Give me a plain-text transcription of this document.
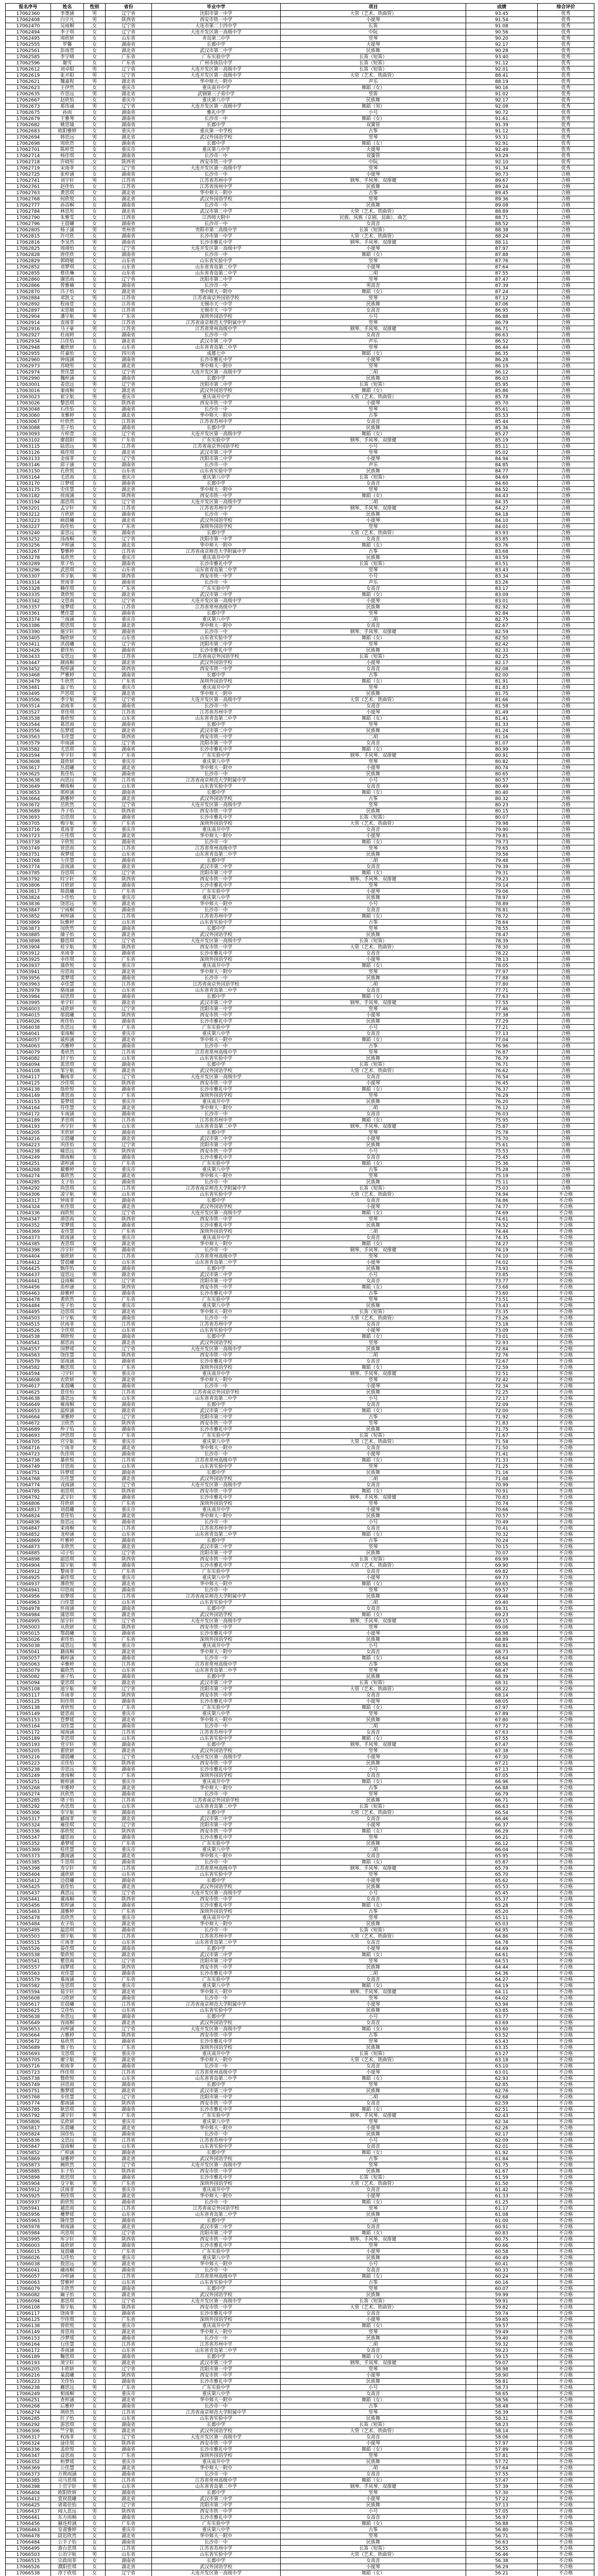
报名序号	姓名	性别	省份	毕业中学	项目	成绩	综合评价
17062360	李墨涵	男	辽宁省	沈阳市第一中学	大管（艺术、铁曲管）	93.45	优秀
17062408	白宇凡	男	陕西省	西安市铁一中学	小提琴	91.54	优秀
17062470	吴雨桐	女	辽宁省	大连市第二十四中学	长笛	91.08	优秀
17062494	李子琪	女	辽宁省	大连开发区第一高级中学	中阮	90.56	优秀
17062495	周欣妍	女	山东省	青岛第二中学	竖琴	90.20	优秀
17062555	罗馨	女	湖南省	长郡中学	大提琴	92.17	优秀
17062561	彭雨萱	女	湖北省	武汉市第二中学	民族舞	90.28	优秀
17062585	李宇晴	女	广东省	广东实验中学	长笛（短笛）	93.40	优秀
17062596	谢雪	女	广东省	广州市执信中学	长笛（短笛）	91.12	优秀
17062612	刘卓阳	男	辽宁省	大连开发区第一高级中学	长笛（短笛）	92.01	优秀
17062619	张开阳	男	辽宁省	大连开发区第一高级中学	大管（艺术、铁曲管）	88.41	优秀
17062621	魏嘉程	男	湖北省	华中师大一附中	声乐	88.19	优秀
17062623	王伊然	女	重庆市	重庆南开中学	舞蹈（女）	90.16	优秀
17062635	许思远	男	湖北省	武钢第三子弟中学	竖笛	91.02	优秀
17062667	赵欣怡	女	重庆市	重庆第八中学	民族舞	92.17	优秀
17062673	郑伟诚	男	辽宁省	大连开发区第一高级中学	舞蹈（男）	92.08	优秀
17062675	孙雨	女	湖南省	雅礼中学	小号	90.72	优秀
17062679	王雅琴	女	湖南省	长沙市一中	舞蹈（女）	91.61	优秀
17062682	姚思瑜	女	湖南省	长郡中学	双簧管	91.39	优秀
17062683	欧阳雅婷	女	重庆市	重庆第一中学校	古筝	91.12	优秀
17062694	韩思远	男	湖北省	武汉外国语学校	竖琴	93.31	优秀
17062698	周欣然	女	湖南省	长郡中学	舞蹈（女）	92.91	优秀
17062701	陈梓萱	女	重庆市	重庆第八中学	大提琴	92.49	优秀
17062714	杨佳琪	女	湖南省	长沙市一中	双簧管	93.29	优秀
17062718	许晓彤	女	陕西省	西安市铁一中学	中阮	92.10	优秀
17062719	宋雨菲	女	辽宁省	大连开发区第一高级中学	竖琴	91.34	优秀
17062725	张梓涵	女	湖南省	长沙市一中	小提琴	90.73	合格
17062741	刘宇轩	男	江苏省	江苏省苏州中学	钢琴、手风琴、双排键	89.67	合格
17062761	赵佳怡	女	江苏省	江苏省扬州中学	民族舞	89.24	合格
17062763	黄思琪	女	湖北省	华中师大一附中	古筝	89.45	合格
17062768	何欣悦	女	湖北省	武汉外国语学校	竖琴	89.36	合格
17062777	孙语桐	女	湖南省	长沙市一中	民族舞	89.08	合格
17062784	林思彤	女	湖北省	武汉市第二中学	大管（艺术、铁曲管）	88.89	合格
17062790	朱雅雯	女	江西省	江西师大附中	民族、风族（京剧、昆曲）、曲艺	88.71	合格
17062796	王晨曦	女	湖南省	长沙市一中	女高音	88.52	合格
17062805	杨子涵	男	贵州省	贵阳市第二高级中学	长笛（短笛）	88.38	合格
17062815	许可欣	女	湖南省	长沙市第一中学	大管（艺术、铁曲管）	88.24	合格
17062816	李昊然	男	湖南省	长沙市雅礼中学	钢琴、手风琴、双排键	88.11	合格
17062825	周靖怡	女	辽宁省	大连开发区第一高级中学	小提琴	87.97	合格
17062828	唐佳欣	女	湖南省	长沙市一中	舞蹈（女）	87.88	合格
17062829	郭晓敏	女	山东省	山东省实验中学	竖琴	87.76	合格
17062852	邓梦琪	女	山东省	山东省青岛第二中学	小提琴	87.64	合格
17062855	蔡佳琳	女	山东省	山东省青岛第二中学	二胡	87.55	合格
17062860	谢思雨	女	辽宁省	沈阳市第二中学	竖琴	87.47	合格
17062866	曾雅楠	女	湖南省	长沙市一中	男高音	87.39	合格
17062870	冯子怡	女	湖北省	华中师大一附中	舞蹈（女）	87.24	合格
17062884	邓凯文	男	江苏省	江苏省南京外国语学校	竖琴	87.12	合格
17062892	程雨萱	女	江苏省	无锡市天一中学	民族舞	87.06	合格
17062897	宋思敏	女	江苏省	无锡市天一中学	女高音	86.95	合格
17062904	潘宇航	男	广东省	深圳外国语学校	小号	86.88	合格
17062914	袁雨菲	女	江苏省	江苏省南京师范大学附属中学	竖琴	86.79	合格
17062916	马子豪	男	江苏省	江苏省常州高级中学	钢琴、手风琴、双排键	86.71	合格
17062927	杜雨婷	女	湖南省	长沙市一中	女高音	86.63	合格
17062934	吕佳怡	女	湖北省	武汉市第二中学	声乐	86.52	合格
17062948	戴欣妍	女	山东省	山东省青岛第二中学	竖琴	86.44	合格
17062955	任嘉怡	女	四川省	成都七中	舞蹈（女）	86.35	合格
17062960	钟雨涵	女	湖南省	长沙市雅礼中学	小提琴	86.28	合格
17062973	苏晓彤	女	湖北省	华中师大一附中	竖琴	86.19	合格
17062974	贺佳慧	女	辽宁省	大连开发区第一高级中学	二胡	86.12	合格
17062990	魏梓涵	女	湖南省	长郡中学	民族舞	86.03	合格
17063001	姜思远	男	辽宁省	沈阳市第二中学	长笛（短笛）	85.95	合格
17063016	秦雨桐	女	湖北省	武汉外国语学校	舞蹈（女）	85.86	合格
17063023	崔宇航	男	重庆市	重庆南开中学	大管（艺术、铁曲管）	85.78	合格
17063026	黎思琪	女	陕西省	西安市铁一中学	小提琴	85.70	合格
17063048	石佳怡	女	湖南省	长沙市一中	竖琴	85.61	合格
17063060	龙雅婷	女	湖北省	华中师大一附中	古筝	85.53	合格
17063067	叶欣然	女	江苏省	江苏省苏州中学	女高音	85.44	合格
17063088	范子怡	女	湖南省	长郡中学	民族舞	85.36	合格
17063093	方梓萱	女	辽宁省	大连开发区第一高级中学	舞蹈（女）	85.27	合格
17063102	廖晨阳	男	广东省	广东实验中学	钢琴、手风琴、双排键	85.19	合格
17063115	陆思远	男	江苏省	江苏省南京外国语学校	小号	85.11	合格
17063126	熊佳琪	女	湖北省	武汉市第二中学	竖琴	85.02	合格
17063133	金雨菲	女	辽宁省	沈阳市第二中学	小提琴	84.94	合格
17063146	邱子涵	女	湖南省	长沙市一中	声乐	84.85	合格
17063150	孔欣悦	女	山东省	山东省实验中学	民族舞	84.77	合格
17063164	毛思雨	女	重庆市	重庆第八中学	长笛（短笛）	84.69	合格
17063170	江梦瑶	女	湖南省	长郡中学	女高音	84.60	合格
17063175	史佳慧	女	湖北省	华中师大一附中	竖琴	84.52	合格
17063182	侯雨涵	女	陕西省	西安市铁一中学	舞蹈（女）	84.43	合格
17063194	邵思琪	女	辽宁省	大连开发区第一高级中学	二胡	84.35	合格
17063201	孟宇轩	男	江苏省	江苏省苏州中学	钢琴、手风琴、双排键	84.27	合格
17063212	万欣妍	女	湖南省	长沙市一中	民族舞	84.18	合格
17063223	顾晨曦	女	湖北省	武汉外国语学校	小提琴	84.10	合格
17063227	段佳怡	女	广东省	深圳外国语学校	竖琴	84.01	合格
17063240	雷思远	男	湖南省	长郡中学	大管（艺术、铁曲管）	83.93	合格
17063252	汤雨桐	女	辽宁省	沈阳市第一中学	女高音	83.85	合格
17063256	尹梓涵	女	湖北省	华中师大一附中	舞蹈（女）	83.76	合格
17063267	黎雅婷	女	江苏省	江苏省南京师范大学附属中学	古筝	83.68	合格
17063278	易欣然	女	重庆市	重庆南开中学	民族舞	83.59	合格
17063289	常子怡	女	湖南省	长沙市雅礼中学	长笛（短笛）	83.51	合格
17063296	武思琪	女	山东省	山东省青岛第二中学	竖琴	83.43	合格
17063307	乔宇航	男	陕西省	西安市铁一中学	小号	83.34	合格
17063314	贺雨菲	女	湖南省	长沙市一中	声乐	83.26	合格
17063328	赖佳琪	女	广东省	广东实验中学	女高音	83.17	合格
17063335	龚欣悦	女	湖北省	武汉市第二中学	舞蹈（女）	83.09	合格
17063342	文思雨	女	辽宁省	大连开发区第一高级中学	小提琴	83.01	合格
17063357	庞梦瑶	女	江苏省	江苏省常州高级中学	民族舞	82.92	合格
17063361	樊佳慧	女	湖南省	长郡中学	竖琴	82.84	合格
17063374	兰雨涵	女	重庆市	重庆第八中学	二胡	82.75	合格
17063386	殷思琪	女	湖北省	华中师大一附中	女高音	82.67	合格
17063390	施宇轩	男	湖南省	长沙市一中	钢琴、手风琴、双排键	82.59	合格
17063405	陶欣妍	女	山东省	山东省实验中学	舞蹈（女）	82.50	合格
17063411	洪晨曦	女	辽宁省	沈阳市第二中学	竖琴	82.42	合格
17063426	翟佳怡	女	湖南省	长沙市雅礼中学	民族舞	82.33	合格
17063433	安思远	男	江苏省	江苏省南京外国语学校	长笛（短笛）	82.25	合格
17063447	颜雨桐	女	湖北省	武汉外国语学校	小提琴	82.17	合格
17063452	倪梓涵	女	陕西省	西安市铁一中学	女高音	82.08	合格
17063468	严雅婷	女	湖南省	长郡中学	古筝	82.00	合格
17063479	牛欣然	女	广东省	深圳外国语学校	舞蹈（女）	81.91	合格
17063481	温子怡	女	重庆市	重庆南开中学	竖琴	81.83	合格
17063495	芦思琪	女	湖北省	华中师大一附中	民族舞	81.75	合格
17063506	季宇航	男	辽宁省	大连开发区第一高级中学	大管（艺术、铁曲管）	81.66	合格
17063514	俞雨菲	女	湖南省	长沙市一中	女高音	81.58	合格
17063527	章佳琪	女	江苏省	江苏省苏州中学	小提琴	81.49	合格
17063538	鲁欣悦	女	山东省	山东省青岛第二中学	舞蹈（女）	81.41	合格
17063544	葛思雨	女	湖南省	长郡中学	竖琴	81.33	合格
17063556	伍梦瑶	女	湖北省	武汉市第二中学	民族舞	81.24	合格
17063563	韦佳慧	女	陕西省	西安市铁一中学	二胡	81.16	合格
17063579	申雨涵	女	辽宁省	沈阳市第一中学	女高音	81.07	合格
17063582	尤思琪	女	湖南省	长沙市雅礼中学	舞蹈（女）	80.99	合格
17063594	毕宇轩	男	广东省	广东实验中学	钢琴、手风琴、双排键	80.91	合格
17063608	聂欣妍	女	重庆市	重庆第八中学	竖琴	80.82	合格
17063617	丛晨曦	女	湖北省	华中师大一附中	小提琴	80.74	合格
17063625	焦佳怡	女	湖南省	长沙市一中	民族舞	80.65	合格
17063638	向思远	男	江苏省	江苏省南京师范大学附属中学	小号	80.57	合格
17063649	柳雨桐	女	山东省	山东省实验中学	女高音	80.49	合格
17063653	邢梓涵	女	湖南省	长郡中学	舞蹈（女）	80.40	合格
17063664	路雅婷	女	湖北省	武汉外国语学校	古筝	80.32	合格
17063672	岳欣然	女	辽宁省	大连开发区第一高级中学	竖琴	80.23	合格
17063689	齐子怡	女	陕西省	西安市铁一中学	民族舞	80.15	合格
17063693	沿思琪	女	湖南省	长沙市雅礼中学	长笛（短笛）	80.07	合格
17063705	梅宇航	男	广东省	深圳外国语学校	大管（艺术、铁曲管）	79.98	合格
17063716	莫雨菲	女	重庆市	重庆南开中学	女高音	79.90	合格
17063723	庄佳琪	女	湖北省	华中师大一附中	小提琴	79.81	合格
17063738	辛欣悦	女	湖南省	长沙市一中	舞蹈（女）	79.73	合格
17063749	管思雨	女	江苏省	江苏省常州高级中学	竖琴	79.65	合格
17063751	祝梦瑶	女	山东省	山东省青岛第二中学	民族舞	79.56	合格
17063768	左佳慧	女	湖南省	长郡中学	二胡	79.48	合格
17063774	涂雨涵	女	湖北省	武汉市第二中学	女高音	79.39	合格
17063785	谷思琪	女	辽宁省	沈阳市第二中学	舞蹈（女）	79.31	合格
17063792	时宇轩	男	陕西省	西安市铁一中学	钢琴、手风琴、双排键	79.23	合格
17063806	甘欣妍	女	湖南省	长沙市雅礼中学	竖琴	79.14	合格
17063817	简晨曦	女	广东省	广东实验中学	小提琴	79.06	合格
17063824	卜佳怡	女	重庆市	重庆第八中学	民族舞	78.97	合格
17063836	饶思远	男	湖北省	华中师大一附中	小号	78.89	合格
17063847	宁雨桐	女	湖南省	长沙市一中	女高音	78.81	合格
17063852	柯梓涵	女	江苏省	江苏省苏州中学	舞蹈（女）	78.72	合格
17063869	阮雅婷	女	山东省	山东省实验中学	古筝	78.64	合格
17063873	闵欣然	女	湖南省	长郡中学	竖琴	78.55	合格
17063885	储子怡	女	湖北省	武汉外国语学校	民族舞	78.47	合格
17063898	滕思琪	女	辽宁省	大连开发区第一高级中学	长笛（短笛）	78.39	合格
17063904	桂宇航	男	陕西省	西安市铁一中学	大管（艺术、铁曲管）	78.30	合格
17063912	巫雨菲	女	湖南省	长沙市雅礼中学	女高音	78.22	合格
17063925	幸佳琪	女	广东省	深圳外国语学校	小提琴	78.13	合格
17063937	蒲欣悦	女	重庆市	重庆南开中学	舞蹈（女）	78.05	合格
17063941	房思雨	女	湖北省	华中师大一附中	竖琴	77.97	合格
17063956	裴梦瑶	女	湖南省	长沙市一中	民族舞	77.88	合格
17063963	卓佳慧	女	江苏省	江苏省南京外国语学校	二胡	77.80	合格
17063978	骆雨涵	女	山东省	山东省青岛第二中学	女高音	77.71	合格
17063984	屈思琪	女	湖南省	长郡中学	舞蹈（女）	77.63	合格
17063995	单宇轩	男	湖北省	武汉市第二中学	钢琴、手风琴、双排键	77.55	合格
17064003	成欣妍	女	辽宁省	沈阳市第一中学	竖琴	77.46	合格
17064015	邬晨曦	女	陕西省	西安市铁一中学	小提琴	77.38	合格
17064026	班佳怡	女	湖南省	长沙市雅礼中学	民族舞	77.29	合格
17064038	仇思远	男	广东省	广东实验中学	小号	77.21	合格
17064041	栾雨桐	女	重庆市	重庆第八中学	女高音	77.13	合格
17064057	戚梓涵	女	湖北省	华中师大一附中	舞蹈（女）	77.04	合格
17064063	芮雅婷	女	湖南省	长沙市一中	古筝	76.96	合格
17064079	娄欣然	女	江苏省	江苏省常州高级中学	竖琴	76.87	合格
17064082	封子怡	女	山东省	山东省实验中学	民族舞	76.79	合格
17064094	蓝思琪	女	湖南省	长郡中学	长笛（短笛）	76.71	合格
17064108	邹宇航	男	湖北省	武汉外国语学校	大管（艺术、铁曲管）	76.62	合格
17064117	鞠雨菲	女	辽宁省	大连开发区第一高级中学	女高音	76.54	合格
17064125	沙佳琪	女	陕西省	西安市铁一中学	小提琴	76.45	合格
17064138	詹欣悦	女	湖南省	长沙市雅礼中学	舞蹈（女）	76.37	合格
17064149	龚思雨	女	广东省	深圳外国语学校	竖琴	76.29	合格
17064153	晏梦瑶	女	重庆市	重庆南开中学	民族舞	76.20	合格
17064164	符佳慧	女	湖北省	华中师大一附中	二胡	76.12	合格
17064172	车雨涵	女	湖南省	长沙市一中	女高音	76.03	合格
17064189	茅思琪	女	江苏省	江苏省苏州中学	舞蹈（女）	75.95	合格
17064193	冉宇轩	男	山东省	山东省青岛第二中学	钢琴、手风琴、双排键	75.87	合格
17064205	米欣妍	女	湖南省	长郡中学	竖琴	75.78	合格
17064216	宗晨曦	女	湖北省	武汉市第二中学	小提琴	75.70	合格
17064223	巩佳怡	女	辽宁省	沈阳市第二中学	民族舞	75.61	合格
17064238	喻思远	男	陕西省	西安市铁一中学	小号	75.53	合格
17064249	隋雨桐	女	湖南省	长沙市雅礼中学	女高音	75.45	合格
17064251	谌梓涵	女	广东省	广东实验中学	舞蹈（女）	75.36	合格
17064268	蔺雅婷	女	重庆市	重庆第八中学	古筝	75.28	合格
17064274	慕欣然	女	湖北省	华中师大一附中	竖琴	75.19	合格
17064285	支子怡	女	湖南省	长沙市一中	民族舞	75.11	合格
17064292	尚思琪	女	江苏省	江苏省南京师范大学附属中学	长笛（短笛）	75.03	合格
17064306	凌宇航	男	山东省	山东省实验中学	大管（艺术、铁曲管）	74.94	不合格
17064317	钟雨菲	女	湖南省	长郡中学	女高音	74.86	不合格
17064324	杭佳琪	女	湖北省	武汉外国语学校	小提琴	74.77	不合格
17064336	阎欣悦	女	辽宁省	大连开发区第一高级中学	舞蹈（女）	74.69	不合格
17064347	滑思雨	女	陕西省	西安市铁一中学	竖琴	74.61	不合格
17064352	荣梦瑶	女	湖南省	长沙市雅礼中学	民族舞	74.52	不合格
17064369	麦佳慧	女	广东省	深圳外国语学校	二胡	74.44	不合格
17064373	欧雨涵	女	重庆市	重庆南开中学	女高音	74.35	不合格
17064385	查思琪	女	湖北省	华中师大一附中	舞蹈（女）	74.27	不合格
17064398	冷宇轩	男	湖南省	长沙市一中	钢琴、手风琴、双排键	74.19	不合格
17064404	郁欣妍	女	江苏省	江苏省常州高级中学	竖琴	74.10	不合格
17064412	訾晨曦	女	山东省	山东省青岛第二中学	小提琴	74.02	不合格
17064425	甄佳怡	女	湖南省	长郡中学	民族舞	73.93	不合格
17064437	寇思远	男	湖北省	武汉市第二中学	小号	73.85	不合格
17064441	益雨桐	女	辽宁省	沈阳市第一中学	女高音	73.77	不合格
17064456	苗梓涵	女	陕西省	西安市铁一中学	舞蹈（女）	73.68	不合格
17064463	薛雅婷	女	湖南省	长沙市雅礼中学	古筝	73.60	不合格
17064478	黄欣然	女	广东省	广东实验中学	竖琴	73.51	不合格
17064484	连子怡	女	重庆市	重庆第八中学	民族舞	73.43	不合格
17064495	边思琪	女	湖北省	华中师大一附中	长笛（短笛）	73.35	不合格
17064503	计宇航	男	湖南省	长沙市一中	大管（艺术、铁曲管）	73.26	不合格
17064515	伏雨菲	女	江苏省	江苏省苏州中学	女高音	73.18	不合格
17064526	全佳琪	女	山东省	山东省实验中学	小提琴	73.09	不合格
17064538	荆欣悦	女	湖南省	长郡中学	舞蹈（女）	73.01	不合格
17064541	郝思雨	女	湖北省	武汉外国语学校	竖琴	72.93	不合格
17064557	国梦瑶	女	辽宁省	大连开发区第一高级中学	民族舞	72.84	不合格
17064563	饶佳慧	女	陕西省	西安市铁一中学	二胡	72.76	不合格
17064579	邰雨涵	女	湖南省	长沙市雅礼中学	女高音	72.67	不合格
17064582	鲍思琪	女	广东省	深圳外国语学校	舞蹈（女）	72.59	不合格
17064594	刁宇轩	男	重庆市	重庆南开中学	钢琴、手风琴、双排键	72.51	不合格
17064608	农欣妍	女	湖北省	华中师大一附中	竖琴	72.42	不合格
17064617	束晨曦	女	湖南省	长沙市一中	小提琴	72.34	不合格
17064625	景佳怡	女	江苏省	江苏省南京外国语学校	民族舞	72.25	不合格
17064638	盛思远	男	山东省	山东省青岛第二中学	小号	72.17	不合格
17064649	雍雨桐	女	湖南省	长郡中学	女高音	72.09	不合格
17064653	温梓涵	女	湖北省	武汉市第二中学	舞蹈（女）	72.00	不合格
17064664	须雅婷	女	辽宁省	沈阳市第二中学	古筝	71.92	不合格
17064672	卫欣然	女	陕西省	西安市铁一中学	竖琴	71.83	不合格
17064689	仲子怡	女	湖南省	长沙市雅礼中学	民族舞	71.75	不合格
17064693	伊思琪	女	广东省	广东实验中学	长笛（短笛）	71.67	不合格
17064705	宫宇航	男	重庆市	重庆第八中学	大管（艺术、铁曲管）	71.58	不合格
17064716	宁雨菲	女	湖北省	华中师大一附中	女高音	71.50	不合格
17064723	仇佳琪	女	湖南省	长沙市一中	小提琴	71.41	不合格
17064738	暴欣悦	女	江苏省	江苏省常州高级中学	舞蹈（女）	71.33	不合格
17064749	甘思雨	女	山东省	山东省实验中学	竖琴	71.25	不合格
17064751	钭梦瑶	女	湖南省	长郡中学	民族舞	71.16	不合格
17064768	厉佳慧	女	湖北省	武汉外国语学校	二胡	71.08	不合格
17064774	戎雨涵	女	辽宁省	大连开发区第一高级中学	女高音	70.99	不合格
17064785	祖思琪	女	陕西省	西安市铁一中学	舞蹈（女）	70.91	不合格
17064792	武宇轩	男	湖南省	长沙市雅礼中学	钢琴、手风琴、双排键	70.83	不合格
17064806	符欣妍	女	广东省	深圳外国语学校	竖琴	70.74	不合格
17064817	刘晨曦	女	重庆市	重庆南开中学	小提琴	70.66	不合格
17064824	景佳怡	女	湖北省	华中师大一附中	民族舞	70.57	不合格
17064836	詹思远	男	湖南省	长沙市一中	小号	70.49	不合格
17064847	束雨桐	女	江苏省	江苏省苏州中学	女高音	70.41	不合格
17064852	龙梓涵	女	山东省	山东省青岛第二中学	舞蹈（女）	70.32	不合格
17064869	叶雅婷	女	湖南省	长郡中学	古筝	70.24	不合格
17064873	幸欣然	女	湖北省	武汉市第二中学	竖琴	70.15	不合格
17064885	司子怡	女	辽宁省	沈阳市第一中学	民族舞	70.07	不合格
17064898	韶思琪	女	陕西省	西安市铁一中学	长笛（短笛）	69.99	不合格
17064904	郜宇航	男	湖南省	长沙市雅礼中学	大管（艺术、铁曲管）	69.90	不合格
17064912	黎雨菲	女	广东省	广东实验中学	女高音	69.82	不合格
17064925	蓟佳琪	女	重庆市	重庆第八中学	小提琴	69.73	不合格
17064937	薄欣悦	女	湖北省	华中师大一附中	舞蹈（女）	69.65	不合格
17064941	印思雨	女	湖南省	长沙市一中	竖琴	69.57	不合格
17064956	宿梦瑶	女	江苏省	江苏省南京师范大学附属中学	民族舞	69.48	不合格
17064963	白佳慧	女	山东省	山东省实验中学	二胡	69.40	不合格
17064978	怀雨涵	女	湖南省	长郡中学	女高音	69.31	不合格
17064984	蒲思琪	女	湖北省	武汉外国语学校	舞蹈（女）	69.23	不合格
17064995	邰宇轩	男	辽宁省	大连开发区第一高级中学	钢琴、手风琴、双排键	69.15	不合格
17065003	从欣妍	女	陕西省	西安市铁一中学	竖琴	69.06	不合格
17065015	鄂晨曦	女	湖南省	长沙市雅礼中学	小提琴	68.98	不合格
17065026	索佳怡	女	广东省	深圳外国语学校	民族舞	68.89	不合格
17065038	咸思远	男	重庆市	重庆南开中学	小号	68.81	不合格
17065041	籍雨桐	女	湖北省	华中师大一附中	女高音	68.73	不合格
17065057	赖梓涵	女	湖南省	长沙市一中	舞蹈（女）	68.64	不合格
17065063	卓雅婷	女	江苏省	江苏省常州高级中学	古筝	68.56	不合格
17065079	蔺欣然	女	山东省	山东省青岛第二中学	竖琴	68.47	不合格
17065082	屠子怡	女	湖南省	长郡中学	民族舞	68.39	不合格
17065094	蒙思琪	女	湖北省	武汉市第二中学	长笛（短笛）	68.31	不合格
17065108	池宇航	男	辽宁省	沈阳市第二中学	大管（艺术、铁曲管）	68.22	不合格
17065117	乔雨菲	女	陕西省	西安市铁一中学	女高音	68.14	不合格
17065125	阴佳琪	女	湖南省	长沙市雅礼中学	小提琴	68.05	不合格
17065138	胥欣悦	女	广东省	广东实验中学	舞蹈（女）	67.97	不合格
17065149	能思雨	女	重庆市	重庆第八中学	竖琴	67.89	不合格
17065153	苍梦瑶	女	湖北省	华中师大一附中	民族舞	67.80	不合格
17065164	双佳慧	女	湖南省	长沙市一中	二胡	67.72	不合格
17065172	闻雨涵	女	江苏省	江苏省苏州中学	女高音	67.63	不合格
17065189	莘思琪	女	山东省	山东省实验中学	舞蹈（女）	67.55	不合格
17065193	党宇轩	男	湖南省	长郡中学	钢琴、手风琴、双排键	67.47	不合格
17065205	翟欣妍	女	湖北省	武汉外国语学校	竖琴	67.38	不合格
17065216	谭晨曦	女	辽宁省	大连开发区第一高级中学	小提琴	67.30	不合格
17065223	贡佳怡	女	陕西省	西安市铁一中学	民族舞	67.21	不合格
17065238	劳思远	男	湖南省	长沙市雅礼中学	小号	67.13	不合格
17065249	逄雨桐	女	广东省	深圳外国语学校	女高音	67.05	不合格
17065251	姬梓涵	女	重庆市	重庆南开中学	舞蹈（女）	66.96	不合格
17065268	申雅婷	女	湖北省	华中师大一附中	古筝	66.88	不合格
17065274	扶欣然	女	湖南省	长沙市一中	竖琴	66.79	不合格
17065285	堵子怡	女	江苏省	江苏省南京外国语学校	民族舞	66.71	不合格
17065292	冉思琪	女	山东省	山东省青岛第二中学	长笛（短笛）	66.63	不合格
17065306	宰宇航	男	湖南省	长郡中学	大管（艺术、铁曲管）	66.54	不合格
17065317	郦雨菲	女	湖北省	武汉市第二中学	女高音	66.46	不合格
17065324	雍佳琪	女	辽宁省	沈阳市第一中学	小提琴	66.37	不合格
17065336	郤欣悦	女	陕西省	西安市铁一中学	舞蹈（女）	66.29	不合格
17065347	璩思雨	女	湖南省	长沙市雅礼中学	竖琴	66.21	不合格
17065352	桑梦瑶	女	广东省	广东实验中学	民族舞	66.12	不合格
17065369	桂佳慧	女	重庆市	重庆第八中学	二胡	66.04	不合格
17065373	濮雨涵	女	湖北省	华中师大一附中	女高音	65.95	不合格
17065385	牛思琪	女	湖南省	长沙市一中	舞蹈（女）	65.87	不合格
17065398	寿宇轩	男	江苏省	江苏省常州高级中学	钢琴、手风琴、双排键	65.79	不合格
17065404	通欣妍	女	山东省	山东省实验中学	竖琴	65.70	不合格
17065412	边晨曦	女	湖南省	长郡中学	小提琴	65.62	不合格
17065425	扈佳怡	女	湖北省	武汉外国语学校	民族舞	65.53	不合格
17065437	燕思远	男	辽宁省	大连开发区第一高级中学	小号	65.45	不合格
17065441	冀雨桐	女	陕西省	西安市铁一中学	女高音	65.37	不合格
17065456	郏梓涵	女	湖南省	长沙市雅礼中学	舞蹈（女）	65.28	不合格
17065463	浦雅婷	女	广东省	深圳外国语学校	古筝	65.20	不合格
17065478	尚欣然	女	重庆市	重庆南开中学	竖琴	65.11	不合格
17065484	农子怡	女	湖北省	华中师大一附中	民族舞	65.03	不合格
17065495	温思琪	女	湖南省	长沙市一中	长笛（短笛）	64.95	不合格
17065503	别宇航	男	江苏省	江苏省苏州中学	大管（艺术、铁曲管）	64.86	不合格
17065515	庄雨菲	女	山东省	山东省青岛第二中学	女高音	64.78	不合格
17065526	晏佳琪	女	湖南省	长郡中学	小提琴	64.69	不合格
17065538	柴欣悦	女	湖北省	武汉市第二中学	舞蹈（女）	64.61	不合格
17065541	瞿思雨	女	辽宁省	沈阳市第二中学	竖琴	64.53	不合格
17065557	阎梦瑶	女	陕西省	西安市铁一中学	民族舞	64.44	不合格
17065563	充佳慧	女	湖南省	长沙市雅礼中学	二胡	64.36	不合格
17065579	慕雨涵	女	广东省	广东实验中学	女高音	64.27	不合格
17065582	连思琪	女	重庆市	重庆第八中学	舞蹈（女）	64.19	不合格
17065594	茹宇轩	男	湖北省	华中师大一附中	钢琴、手风琴、双排键	64.11	不合格
17065608	习欣妍	女	湖南省	长沙市一中	竖琴	64.02	不合格
17065617	宦晨曦	女	江苏省	江苏省南京师范大学附属中学	小提琴	63.94	不合格
17065625	艾佳怡	女	山东省	山东省实验中学	民族舞	63.85	不合格
17065638	鱼思远	男	湖南省	长郡中学	小号	63.77	不合格
17065649	容雨桐	女	湖北省	武汉外国语学校	女高音	63.69	不合格
17065653	向梓涵	女	辽宁省	大连开发区第一高级中学	舞蹈（女）	63.60	不合格
17065664	古雅婷	女	陕西省	西安市铁一中学	古筝	63.52	不合格
17065672	易欣然	女	湖南省	长沙市雅礼中学	竖琴	63.43	不合格
17065689	慎子怡	女	广东省	深圳外国语学校	民族舞	63.35	不合格
17065693	戈思琪	女	重庆市	重庆南开中学	长笛（短笛）	63.27	不合格
17065705	廖宇航	男	湖北省	华中师大一附中	大管（艺术、铁曲管）	63.18	不合格
17065716	庾雨菲	女	湖南省	长沙市一中	女高音	63.10	不合格
17065723	终佳琪	女	江苏省	江苏省常州高级中学	小提琴	63.01	不合格
17065738	暨欣悦	女	山东省	山东省青岛第二中学	舞蹈（女）	62.93	不合格
17065749	居思雨	女	湖南省	长郡中学	竖琴	62.85	不合格
17065751	衡梦瑶	女	湖北省	武汉市第二中学	民族舞	62.76	不合格
17065768	步佳慧	女	辽宁省	沈阳市第一中学	二胡	62.68	不合格
17065774	都雨涵	女	陕西省	西安市铁一中学	女高音	62.59	不合格
17065785	耿思琪	女	湖南省	长沙市雅礼中学	舞蹈（女）	62.51	不合格
17065792	满宇轩	男	广东省	广东实验中学	钢琴、手风琴、双排键	62.43	不合格
17065806	弘欣妍	女	重庆市	重庆第八中学	竖琴	62.34	不合格
17065817	匡晨曦	女	湖北省	华中师大一附中	小提琴	62.26	不合格
17065824	国佳怡	女	湖南省	长沙市一中	民族舞	62.17	不合格
17065836	文思远	男	江苏省	江苏省苏州中学	小号	62.09	不合格
17065847	寇雨桐	女	山东省	山东省实验中学	女高音	62.01	不合格
17065852	广梓涵	女	湖南省	长郡中学	舞蹈（女）	61.92	不合格
17065869	禄雅婷	女	湖北省	武汉外国语学校	古筝	61.84	不合格
17065873	阙欣然	女	辽宁省	大连开发区第一高级中学	竖琴	61.75	不合格
17065885	东子怡	女	陕西省	西安市铁一中学	民族舞	61.67	不合格
17065898	欧思琪	女	湖南省	长沙市雅礼中学	长笛（短笛）	61.59	不合格
17065904	殳宇航	男	广东省	深圳外国语学校	大管（艺术、铁曲管）	61.50	不合格
17065912	沃雨菲	女	重庆市	重庆南开中学	女高音	61.42	不合格
17065925	利佳琪	女	湖北省	华中师大一附中	小提琴	61.33	不合格
17065937	蔚欣悦	女	湖南省	长沙市一中	舞蹈（女）	61.25	不合格
17065941	越思雨	女	江苏省	江苏省南京外国语学校	竖琴	61.17	不合格
17065956	夔梦瑶	女	山东省	山东省青岛第二中学	民族舞	61.08	不合格
17065963	隆佳慧	女	湖南省	长郡中学	二胡	61.00	不合格
17065978	师雨涵	女	湖北省	武汉市第二中学	女高音	60.91	不合格
17065984	巩思琪	女	辽宁省	沈阳市第二中学	舞蹈（女）	60.83	不合格
17065995	厍宇轩	男	陕西省	西安市铁一中学	钢琴、手风琴、双排键	60.75	不合格
17066003	聂欣妍	女	湖南省	长沙市雅礼中学	竖琴	60.66	不合格
17066015	晁晨曦	女	广东省	广东实验中学	小提琴	60.58	不合格
17066026	勾佳怡	女	重庆市	重庆第八中学	民族舞	60.49	不合格
17066038	敖思远	男	湖北省	华中师大一附中	小号	60.41	不合格
17066041	融雨桐	女	湖南省	长沙市一中	女高音	60.33	不合格
17066057	冷梓涵	女	江苏省	江苏省常州高级中学	舞蹈（女）	60.24	不合格
17066063	訾雅婷	女	山东省	山东省实验中学	古筝	60.16	不合格
17066079	辛欣然	女	湖南省	长郡中学	竖琴	60.07	不合格
17066082	阚子怡	女	湖北省	武汉外国语学校	民族舞	59.99	不合格
17066094	那思琪	女	辽宁省	大连开发区第一高级中学	长笛（短笛）	59.91	不合格
17066108	简宇航	男	陕西省	西安市铁一中学	大管（艺术、铁曲管）	59.82	不合格
17066117	饶雨菲	女	湖南省	长沙市雅礼中学	女高音	59.74	不合格
17066125	空佳琪	女	广东省	深圳外国语学校	小提琴	59.65	不合格
17066138	曾欣悦	女	重庆市	重庆南开中学	舞蹈（女）	59.57	不合格
17066149	毋思雨	女	湖北省	华中师大一附中	竖琴	59.49	不合格
17066153	沙梦瑶	女	湖南省	长沙市一中	民族舞	59.40	不合格
17066164	乜佳慧	女	江苏省	江苏省苏州中学	二胡	59.32	不合格
17066172	养雨涵	女	山东省	山东省青岛第二中学	女高音	59.23	不合格
17066189	鞠思琪	女	湖南省	长郡中学	舞蹈（女）	59.15	不合格
17066193	须宇轩	男	湖北省	武汉市第二中学	钢琴、手风琴、双排键	59.07	不合格
17066205	丰欣妍	女	辽宁省	沈阳市第一中学	竖琴	58.98	不合格
17066216	巢晨曦	女	陕西省	西安市铁一中学	小提琴	58.90	不合格
17066223	关佳怡	女	湖南省	长沙市雅礼中学	民族舞	58.81	不合格
17066238	蒯思远	男	广东省	广东实验中学	小号	58.73	不合格
17066249	相雨桐	女	重庆市	重庆第八中学	女高音	58.65	不合格
17066251	查梓涵	女	湖北省	华中师大一附中	舞蹈（女）	58.56	不合格
17066268	后雅婷	女	湖南省	长沙市一中	古筝	58.48	不合格
17066274	荆欣然	女	江苏省	江苏省南京师范大学附属中学	竖琴	58.39	不合格
17066285	红子怡	女	山东省	山东省实验中学	民族舞	58.31	不合格
17066292	游思琪	女	湖南省	长郡中学	长笛（短笛）	58.23	不合格
17066306	竺宇航	男	湖北省	武汉外国语学校	大管（艺术、铁曲管）	58.14	不合格
17066317	权雨菲	女	辽宁省	大连开发区第一高级中学	女高音	58.06	不合格
17066324	逯佳琪	女	陕西省	西安市铁一中学	小提琴	57.97	不合格
17066336	盖欣悦	女	湖南省	长沙市雅礼中学	舞蹈（女）	57.89	不合格
17066347	益思雨	女	广东省	深圳外国语学校	竖琴	57.81	不合格
17066352	桓梦瑶	女	重庆市	重庆南开中学	民族舞	57.72	不合格
17066369	公佳慧	女	湖北省	华中师大一附中	二胡	57.64	不合格
17066373	万俟雨涵	女	湖南省	长沙市一中	女高音	57.55	不合格
17066385	司马思琪	女	江苏省	江苏省常州高级中学	舞蹈（女）	57.47	不合格
17066398	上官宇轩	男	山东省	山东省青岛第二中学	钢琴、手风琴、双排键	57.39	不合格
17066404	欧阳欣妍	女	湖南省	长郡中学	竖琴	57.30	不合格
17066412	夏侯晨曦	女	湖北省	武汉市第二中学	小提琴	57.22	不合格
17066425	诸葛佳怡	女	辽宁省	沈阳市第二中学	民族舞	57.13	不合格
17066437	闻人思远	男	陕西省	西安市铁一中学	小号	57.05	不合格
17066441	东方雨桐	女	湖南省	长沙市雅礼中学	女高音	56.97	不合格
17066456	赫连梓涵	女	广东省	广东实验中学	舞蹈（女）	56.88	不合格
17066463	皇甫雅婷	女	重庆市	重庆第八中学	古筝	56.80	不合格
17066478	尉迟欣然	女	湖北省	华中师大一附中	竖琴	56.71	不合格
17066484	公羊子怡	女	湖南省	长沙市一中	民族舞	56.63	不合格
17066495	澹台思琪	女	江苏省	江苏省苏州中学	长笛（短笛）	56.55	不合格
17066503	公冶宇航	男	山东省	山东省实验中学	大管（艺术、铁曲管）	56.46	不合格
17066515	宗政雨菲	女	湖南省	长郡中学	女高音	56.38	不合格
17066526	濮阳佳琪	女	湖北省	武汉外国语学校	小提琴	56.29	不合格
17066538	淳于欣悦	女	辽宁省	大连开发区第一高级中学	舞蹈（女）	56.21	不合格
